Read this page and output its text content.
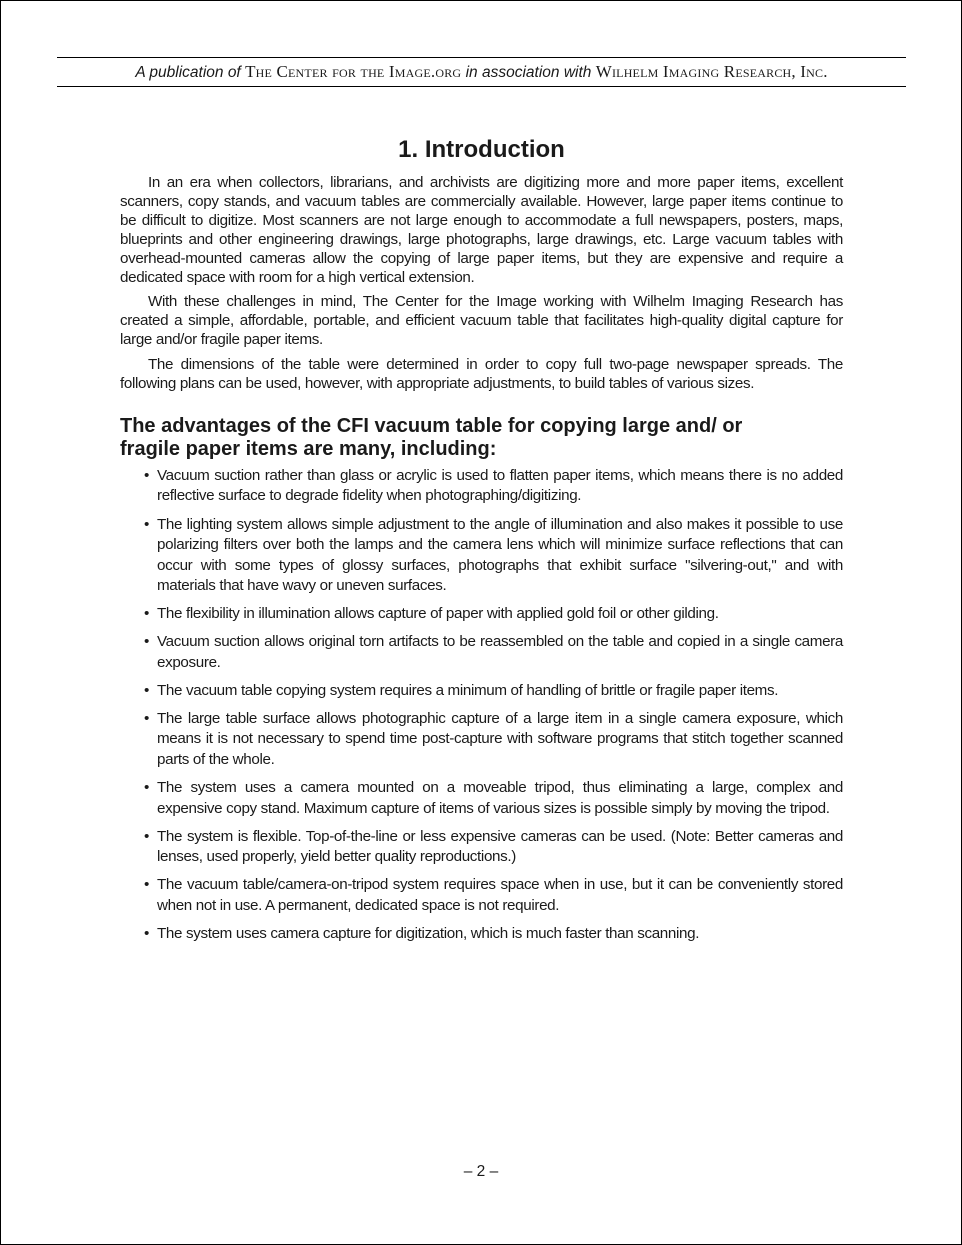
A publication of The Center for the Image.org in association with Wilhelm Imaging Research, Inc.
1. Introduction

In an era when collectors, librarians, and archivists are digitizing more and more paper items, excellent scanners, copy stands, and vacuum tables are commercially available. However, large paper items continue to be difficult to digitize. Most scanners are not large enough to accommodate a full newspapers, posters, maps, blueprints and other engineering drawings, large photographs, large drawings, etc. Large vacuum tables with overhead-mounted cameras allow the copying of large paper items, but they are expensive and require a dedicated space with room for a high vertical extension.

With these challenges in mind, The Center for the Image working with Wilhelm Imaging Research has created a simple, affordable, portable, and efficient vacuum table that facilitates high-quality digital capture for large and/or fragile paper items.

The dimensions of the table were determined in order to copy full two-page newspaper spreads. The following plans can be used, however, with appropriate adjustments, to build tables of various sizes.

The advantages of the CFI vacuum table for copying large and/ or fragile paper items are many, including:
• Vacuum suction rather than glass or acrylic is used to flatten paper items, which means there is no added reflective surface to degrade fidelity when photographing/digitizing.
• The lighting system allows simple adjustment to the angle of illumination and also makes it possible to use polarizing filters over both the lamps and the camera lens which will minimize surface reflections that can occur with some types of glossy surfaces, photographs that exhibit surface "silvering-out," and with materials that have wavy or uneven surfaces.
• The flexibility in illumination allows capture of paper with applied gold foil or other gilding.
• Vacuum suction allows original torn artifacts to be reassembled on the table and copied in a single camera exposure.
• The vacuum table copying system requires a minimum of handling of brittle or fragile paper items.
• The large table surface allows photographic capture of a large item in a single camera exposure, which means it is not necessary to spend time post-capture with software programs that stitch together scanned parts of the whole.
• The system uses a camera mounted on a moveable tripod, thus eliminating a large, complex and expensive copy stand. Maximum capture of items of various sizes is possible simply by moving the tripod.
• The system is flexible. Top-of-the-line or less expensive cameras can be used. (Note: Better cameras and lenses, used properly, yield better quality reproductions.)
• The vacuum table/camera-on-tripod system requires space when in use, but it can be conveniently stored when not in use. A permanent, dedicated space is not required.
• The system uses camera capture for digitization, which is much faster than scanning.
– 2 –
